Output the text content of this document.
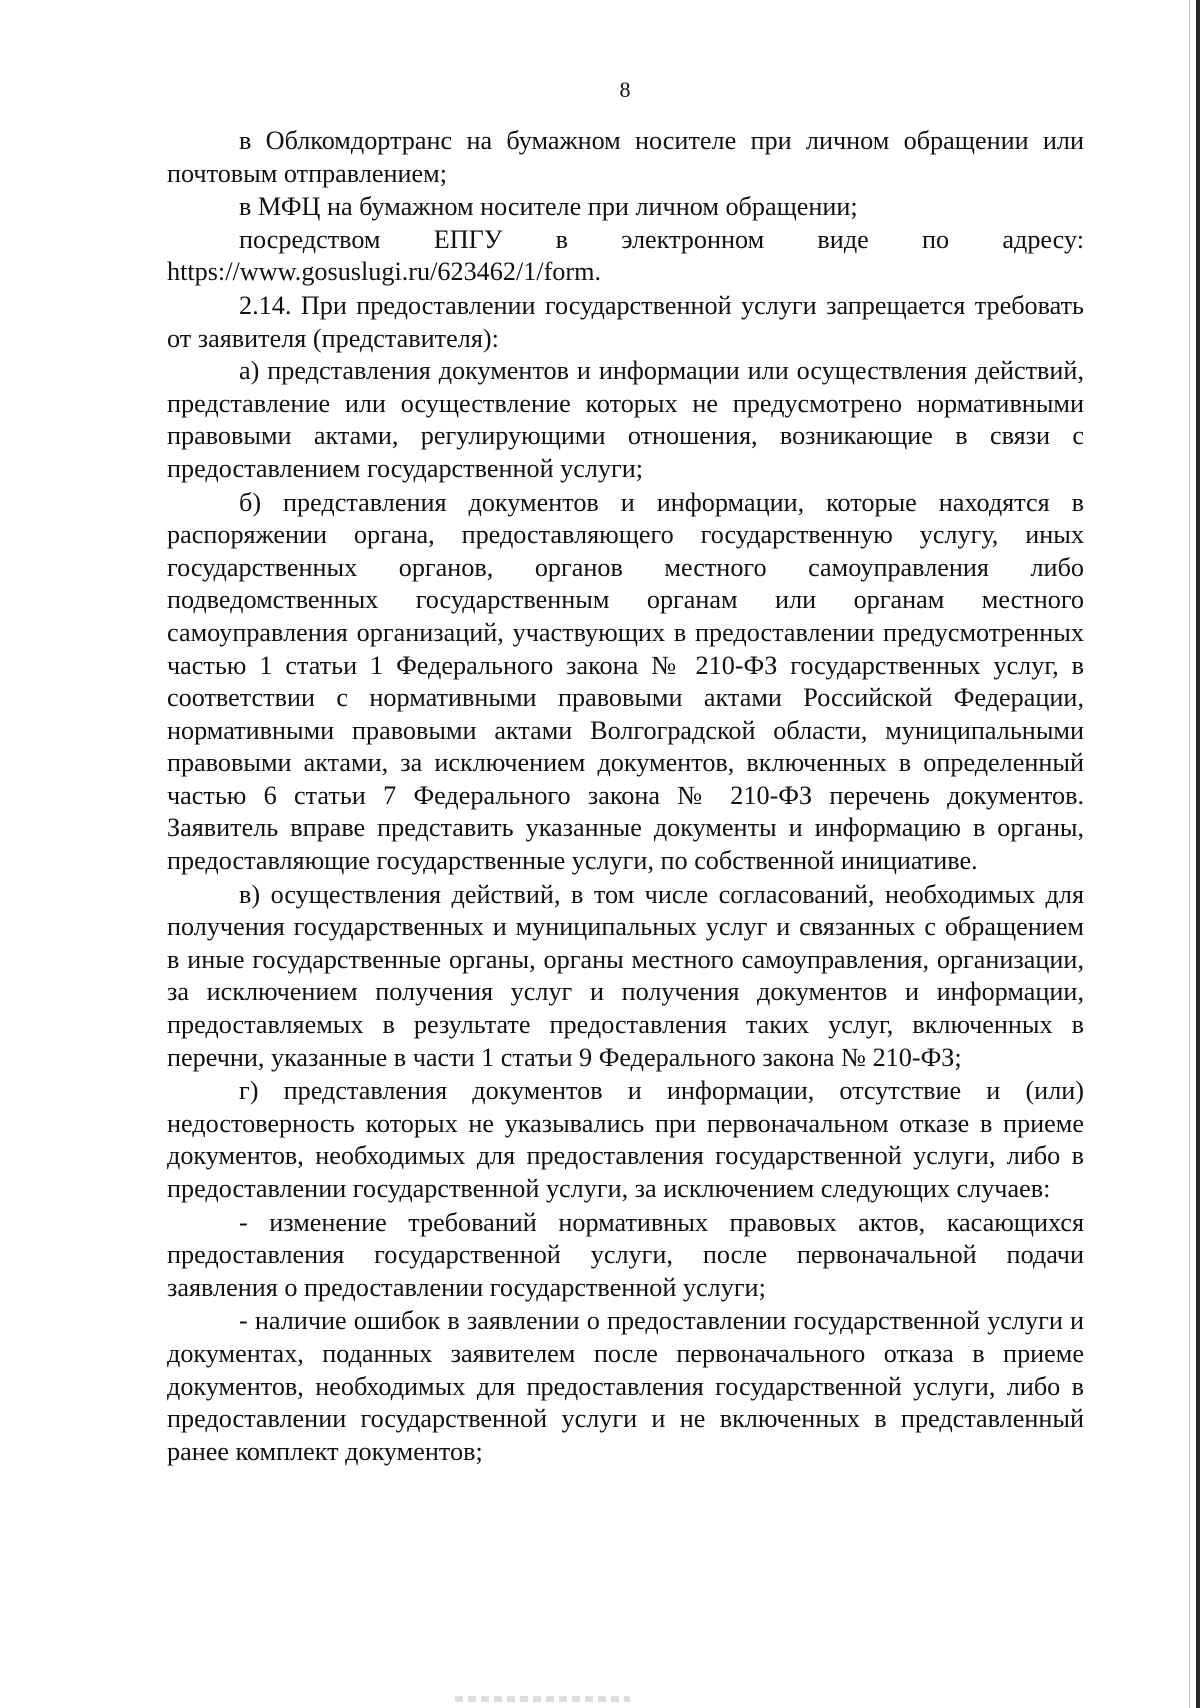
8

в Облкомдортранс на бумажном носителе при личном обращении или почтовым отправлением;

в МФЦ на бумажном носителе при личном обращении;

посредством ЕПГУ в электронном виде по адресу: https://www.gosuslugi.ru/623462/1/form.

2.14. При предоставлении государственной услуги запрещается требовать от заявителя (представителя):

а) представления документов и информации или осуществления действий, представление или осуществление которых не предусмотрено нормативными правовыми актами, регулирующими отношения, возникающие в связи с предоставлением государственной услуги;

б) представления документов и информации, которые находятся в распоряжении органа, предоставляющего государственную услугу, иных государственных органов, органов местного самоуправления либо подведомственных государственным органам или органам местного самоуправления организаций, участвующих в предоставлении предусмотренных частью 1 статьи 1 Федерального закона № 210-ФЗ государственных услуг, в соответствии с нормативными правовыми актами Российской Федерации, нормативными правовыми актами Волгоградской области, муниципальными правовыми актами, за исключением документов, включенных в определенный частью 6 статьи 7 Федерального закона № 210-ФЗ перечень документов. Заявитель вправе представить указанные документы и информацию в органы, предоставляющие государственные услуги, по собственной инициативе.

в) осуществления действий, в том числе согласований, необходимых для получения государственных и муниципальных услуг и связанных с обращением в иные государственные органы, органы местного самоуправления, организации, за исключением получения услуг и получения документов и информации, предоставляемых в результате предоставления таких услуг, включенных в перечни, указанные в части 1 статьи 9 Федерального закона № 210-ФЗ;

г) представления документов и информации, отсутствие и (или) недостоверность которых не указывались при первоначальном отказе в приеме документов, необходимых для предоставления государственной услуги, либо в предоставлении государственной услуги, за исключением следующих случаев:

- изменение требований нормативных правовых актов, касающихся предоставления государственной услуги, после первоначальной подачи заявления о предоставлении государственной услуги;

- наличие ошибок в заявлении о предоставлении государственной услуги и документах, поданных заявителем после первоначального отказа в приеме документов, необходимых для предоставления государственной услуги, либо в предоставлении государственной услуги и не включенных в представленный ранее комплект документов;
